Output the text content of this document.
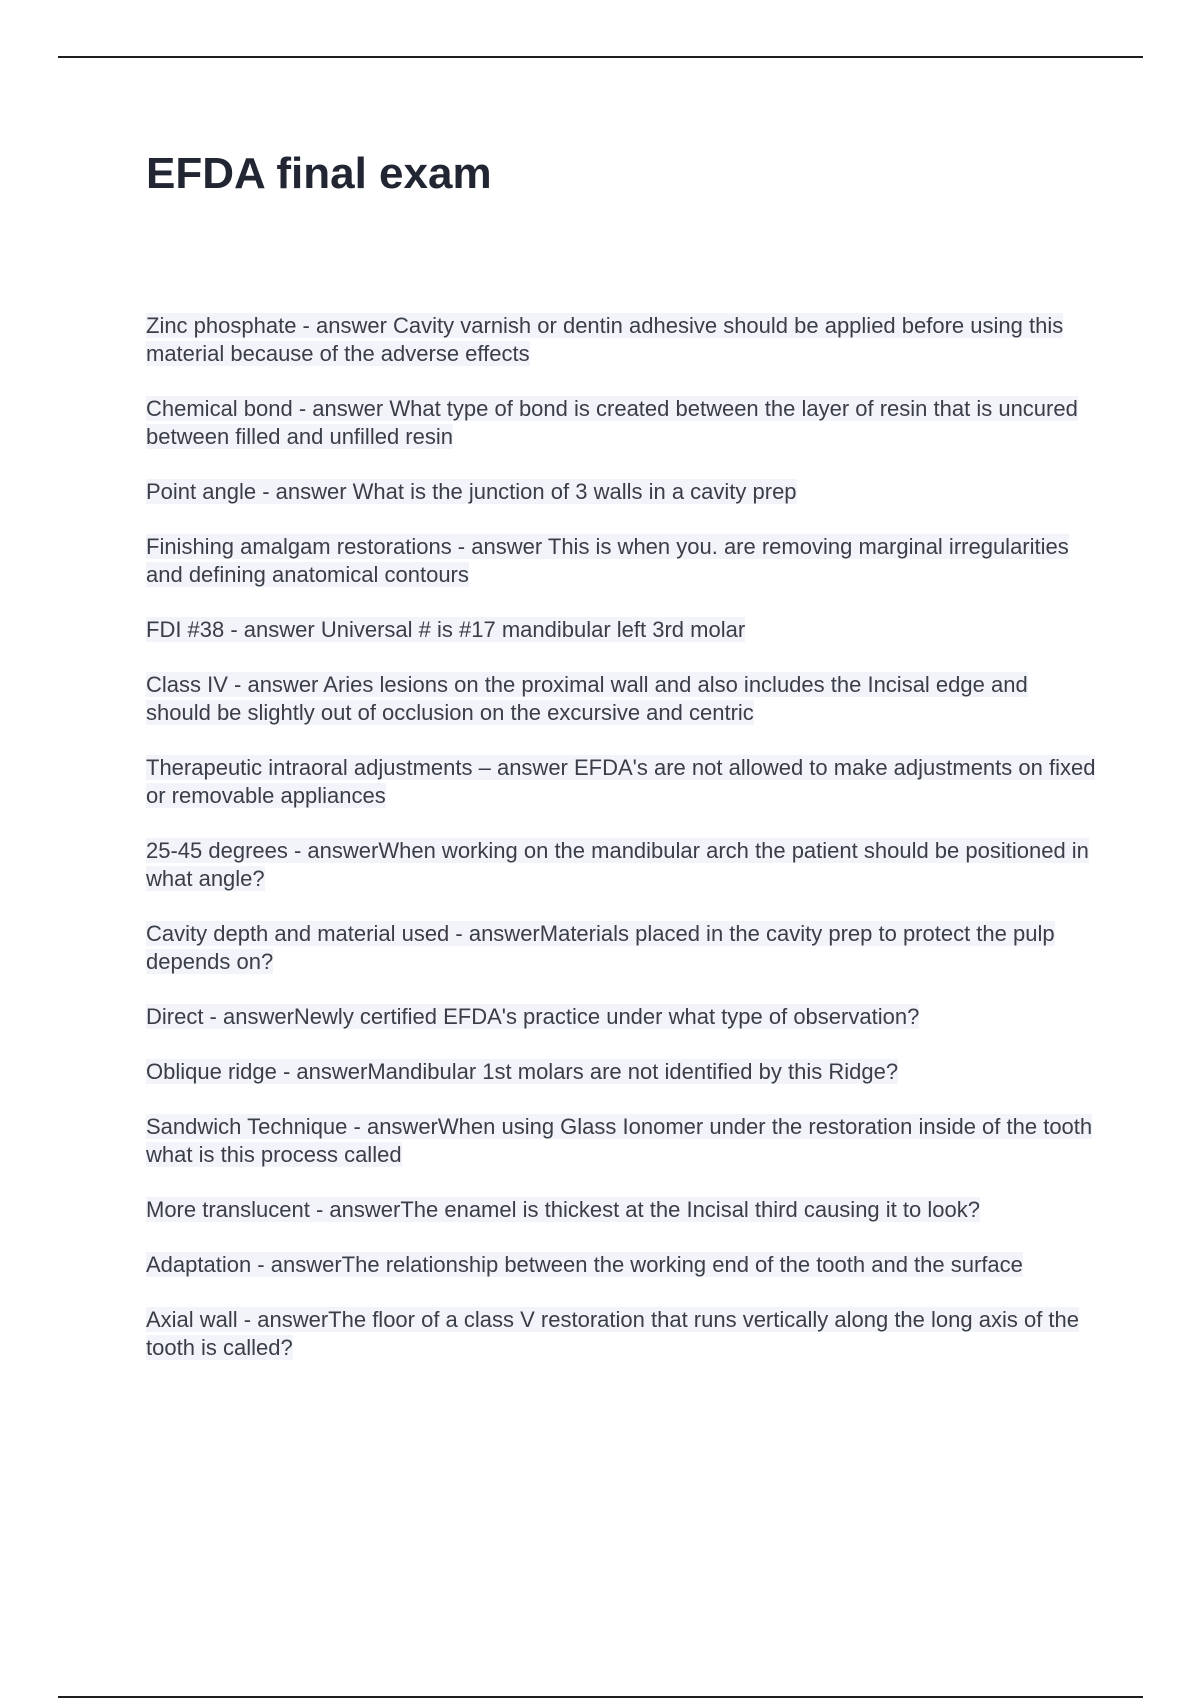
EFDA final exam
Zinc phosphate - answer Cavity varnish or dentin adhesive should be applied before using this material because of the adverse effects
Chemical bond - answer What type of bond is created between the layer of resin that is uncured between filled and unfilled resin
Point angle - answer What is the junction of 3 walls in a cavity prep
Finishing amalgam restorations - answer This is when you. are removing marginal irregularities and defining anatomical contours
FDI #38 - answer Universal # is #17 mandibular left 3rd molar
Class IV - answer Aries lesions on the proximal wall and also includes the Incisal edge and should be slightly out of occlusion on the excursive and centric
Therapeutic intraoral adjustments – answer EFDA's are not allowed to make adjustments on fixed or removable appliances
25-45 degrees - answerWhen working on the mandibular arch the patient should be positioned in what angle?
Cavity depth and material used - answerMaterials placed in the cavity prep to protect the pulp depends on?
Direct - answerNewly certified EFDA's practice under what type of observation?
Oblique ridge - answerMandibular 1st molars are not identified by this Ridge?
Sandwich Technique - answerWhen using Glass Ionomer under the restoration inside of the tooth what is this process called
More translucent - answerThe enamel is thickest at the Incisal third causing it to look?
Adaptation - answerThe relationship between the working end of the tooth and the surface
Axial wall - answerThe floor of a class V restoration that runs vertically along the long axis of the tooth is called?
